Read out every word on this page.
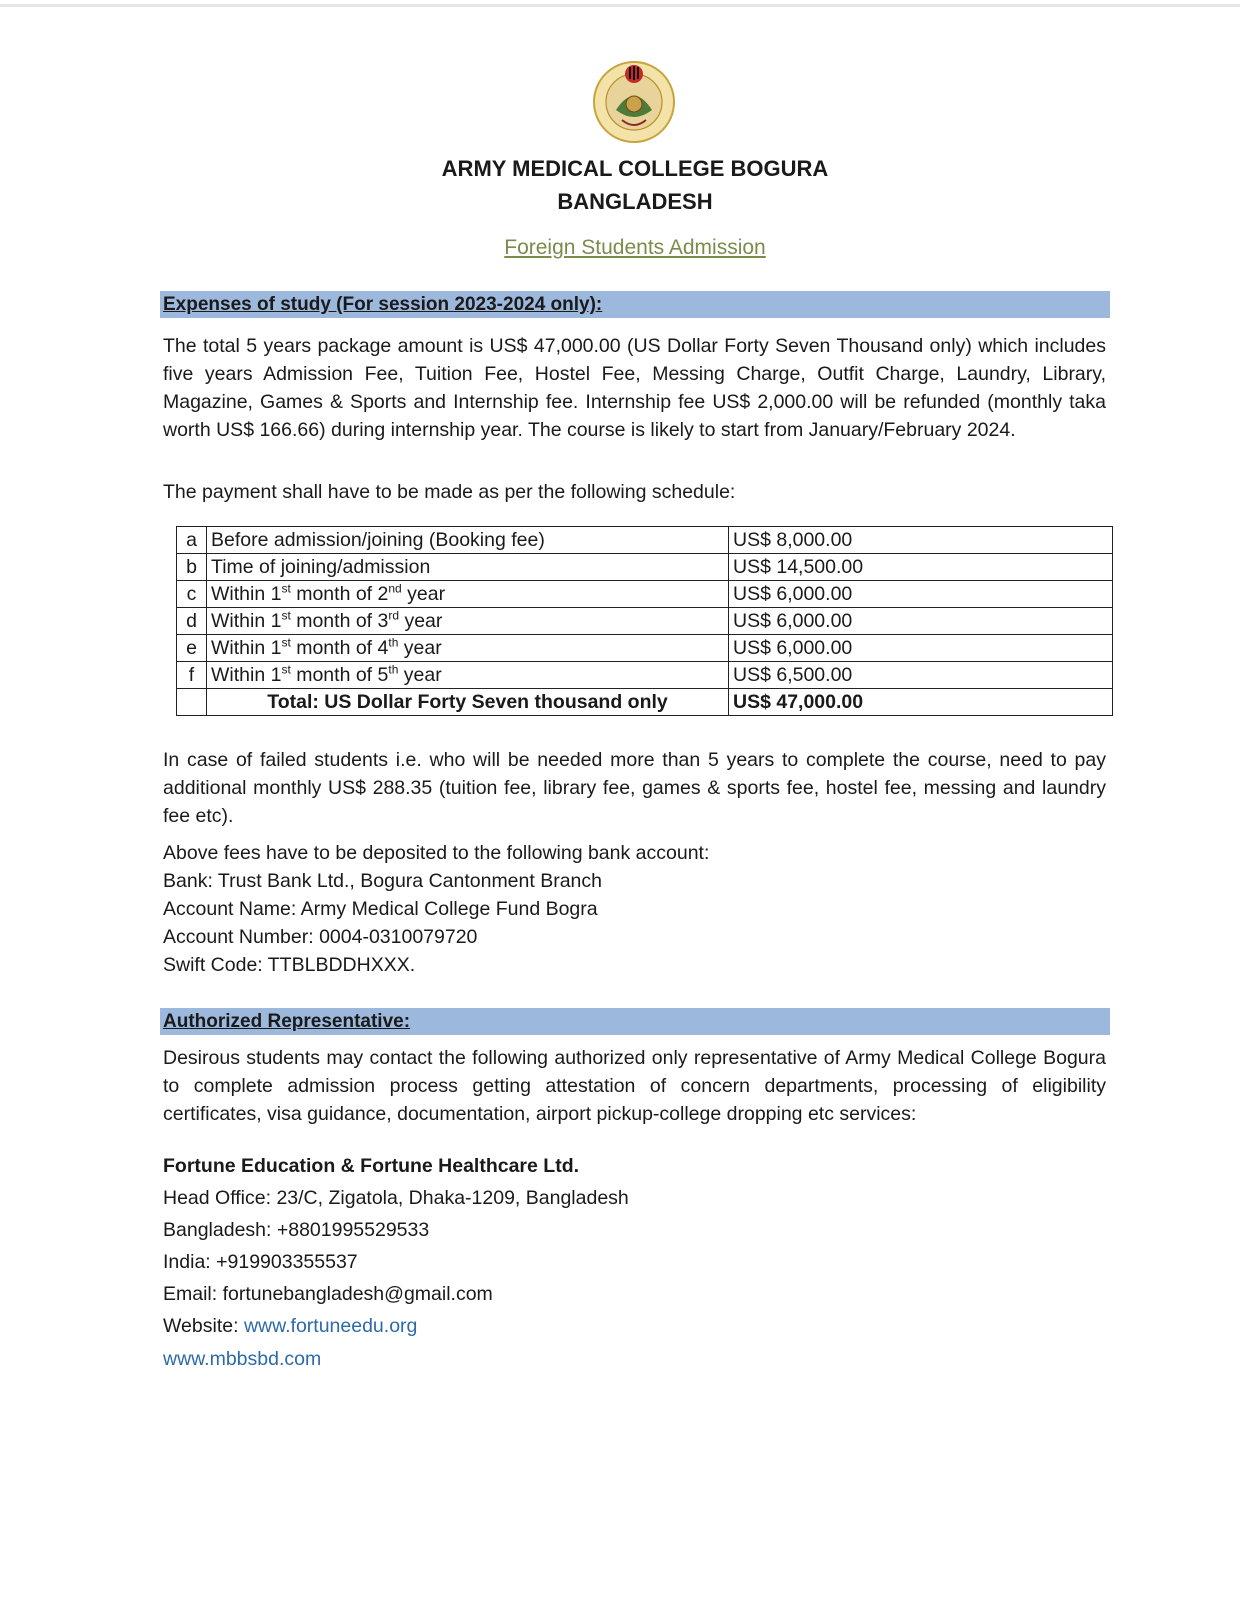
ARMY MEDICAL COLLEGE BOGURA
BANGLADESH
Foreign Students Admission
Expenses of study (For session 2023-2024 only):
The total 5 years package amount is US$ 47,000.00 (US Dollar Forty Seven Thousand only) which includes five years Admission Fee, Tuition Fee, Hostel Fee, Messing Charge, Outfit Charge, Laundry, Library, Magazine, Games & Sports and Internship fee. Internship fee US$ 2,000.00 will be refunded (monthly taka worth US$ 166.66) during internship year. The course is likely to start from January/February 2024.
The payment shall have to be made as per the following schedule:
a	Before admission/joining (Booking fee)	US$ 8,000.00
b	Time of joining/admission	US$ 14,500.00
c	Within 1st month of 2nd year	US$ 6,000.00
d	Within 1st month of 3rd year	US$ 6,000.00
e	Within 1st month of 4th year	US$ 6,000.00
f	Within 1st month of 5th year	US$ 6,500.00
	Total: US Dollar Forty Seven thousand only	US$ 47,000.00
In case of failed students i.e. who will be needed more than 5 years to complete the course, need to pay additional monthly US$ 288.35 (tuition fee, library fee, games & sports fee, hostel fee, messing and laundry fee etc).
Above fees have to be deposited to the following bank account:
Bank: Trust Bank Ltd., Bogura Cantonment Branch
Account Name: Army Medical College Fund Bogra
Account Number: 0004-0310079720
Swift Code: TTBLBDDHXXX.
Authorized Representative:
Desirous students may contact the following authorized only representative of Army Medical College Bogura to complete admission process getting attestation of concern departments, processing of eligibility certificates, visa guidance, documentation, airport pickup-college dropping etc services:
Fortune Education & Fortune Healthcare Ltd.
Head Office: 23/C, Zigatola, Dhaka-1209, Bangladesh
Bangladesh: +8801995529533
India: +919903355537
Email: fortunebangladesh@gmail.com
Website: www.fortuneedu.org
www.mbbsbd.com
